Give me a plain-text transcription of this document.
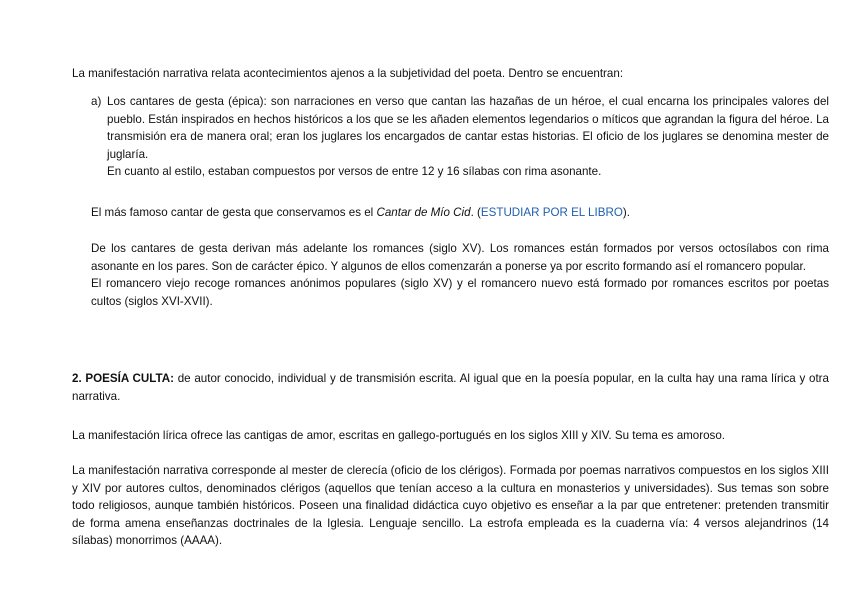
La manifestación narrativa relata acontecimientos ajenos a la subjetividad del poeta. Dentro se encuentran:

a) Los cantares de gesta (épica): son narraciones en verso que cantan las hazañas de un héroe, el cual encarna los principales valores del pueblo. Están inspirados en hechos históricos a los que se les añaden elementos legendarios o míticos que agrandan la figura del héroe. La transmisión era de manera oral; eran los juglares los encargados de cantar estas historias. El oficio de los juglares se denomina mester de juglaría.
En cuanto al estilo, estaban compuestos por versos de entre 12 y 16 sílabas con rima asonante.

El más famoso cantar de gesta que conservamos es el Cantar de Mío Cid. (ESTUDIAR POR EL LIBRO).

De los cantares de gesta derivan más adelante los romances (siglo XV). Los romances están formados por versos octosílabos con rima asonante en los pares. Son de carácter épico. Y algunos de ellos comenzarán a ponerse ya por escrito formando así el romancero popular.
El romancero viejo recoge romances anónimos populares (siglo XV) y el romancero nuevo está formado por romances escritos por poetas cultos (siglos XVI-XVII).

2. POESÍA CULTA: de autor conocido, individual y de transmisión escrita. Al igual que en la poesía popular, en la culta hay una rama lírica y otra narrativa.

La manifestación lírica ofrece las cantigas de amor, escritas en gallego-portugués en los siglos XIII y XIV. Su tema es amoroso.

La manifestación narrativa corresponde al mester de clerecía (oficio de los clérigos). Formada por poemas narrativos compuestos en los siglos XIII y XIV por autores cultos, denominados clérigos (aquellos que tenían acceso a la cultura en monasterios y universidades). Sus temas son sobre todo religiosos, aunque también históricos. Poseen una finalidad didáctica cuyo objetivo es enseñar a la par que entretener: pretenden transmitir de forma amena enseñanzas doctrinales de la Iglesia. Lenguaje sencillo. La estrofa empleada es la cuaderna vía: 4 versos alejandrinos (14 sílabas) monorrimos (AAAA).
